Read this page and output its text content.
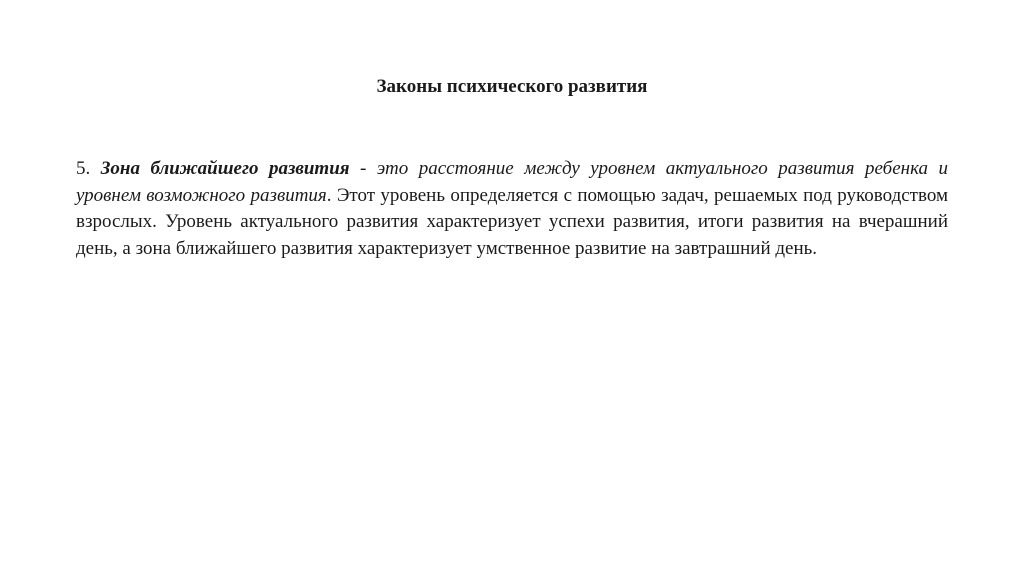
Законы психического развития

5. Зона ближайшего развития - это расстояние между уровнем актуального развития ребенка и уровнем возможного развития. Этот уровень определяется с помощью задач, решаемых под руководством взрослых. Уровень актуального развития характеризует успехи развития, итоги развития на вчерашний день, а зона ближайшего развития характеризует умственное развитие на завтрашний день.
